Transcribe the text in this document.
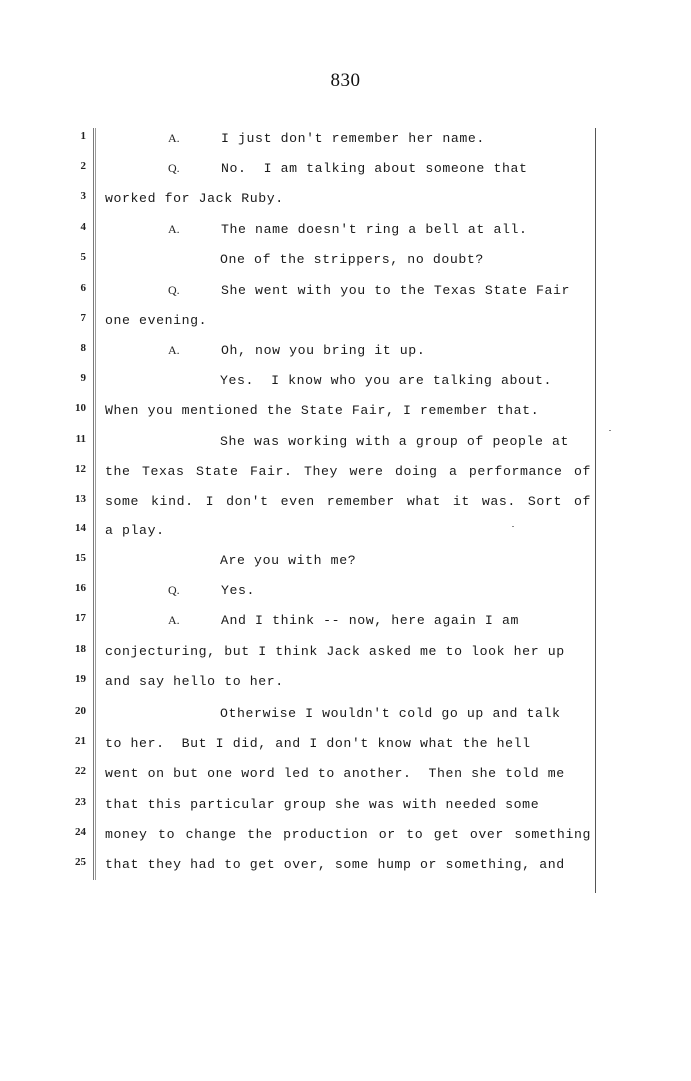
830
1	A.	I just don't remember her name.
2	Q.	No.  I am talking about someone that
3 worked for Jack Ruby.
4	A.	The name doesn't ring a bell at all.
5	One of the strippers, no doubt?
6	Q.	She went with you to the Texas State Fair
7 one evening.
8	A.	Oh, now you bring it up.
9	Yes.  I know who you are talking about.
10 When you mentioned the State Fair, I remember that.
11	She was working with a group of people at
12 the Texas State Fair. They were doing a performance of
13 some kind. I don't even remember what it was. Sort of
14 a play.
15	Are you with me?
16	Q.	Yes.
17	A.	And I think -- now, here again I am
18 conjecturing, but I think Jack asked me to look her up
19 and say hello to her.
20	Otherwise I wouldn't cold go up and talk
21 to her.  But I did, and I don't know what the hell
22 went on but one word led to another.  Then she told me
23 that this particular group she was with needed some
24 money to change the production or to get over something
25 that they had to get over, some hump or something, and
